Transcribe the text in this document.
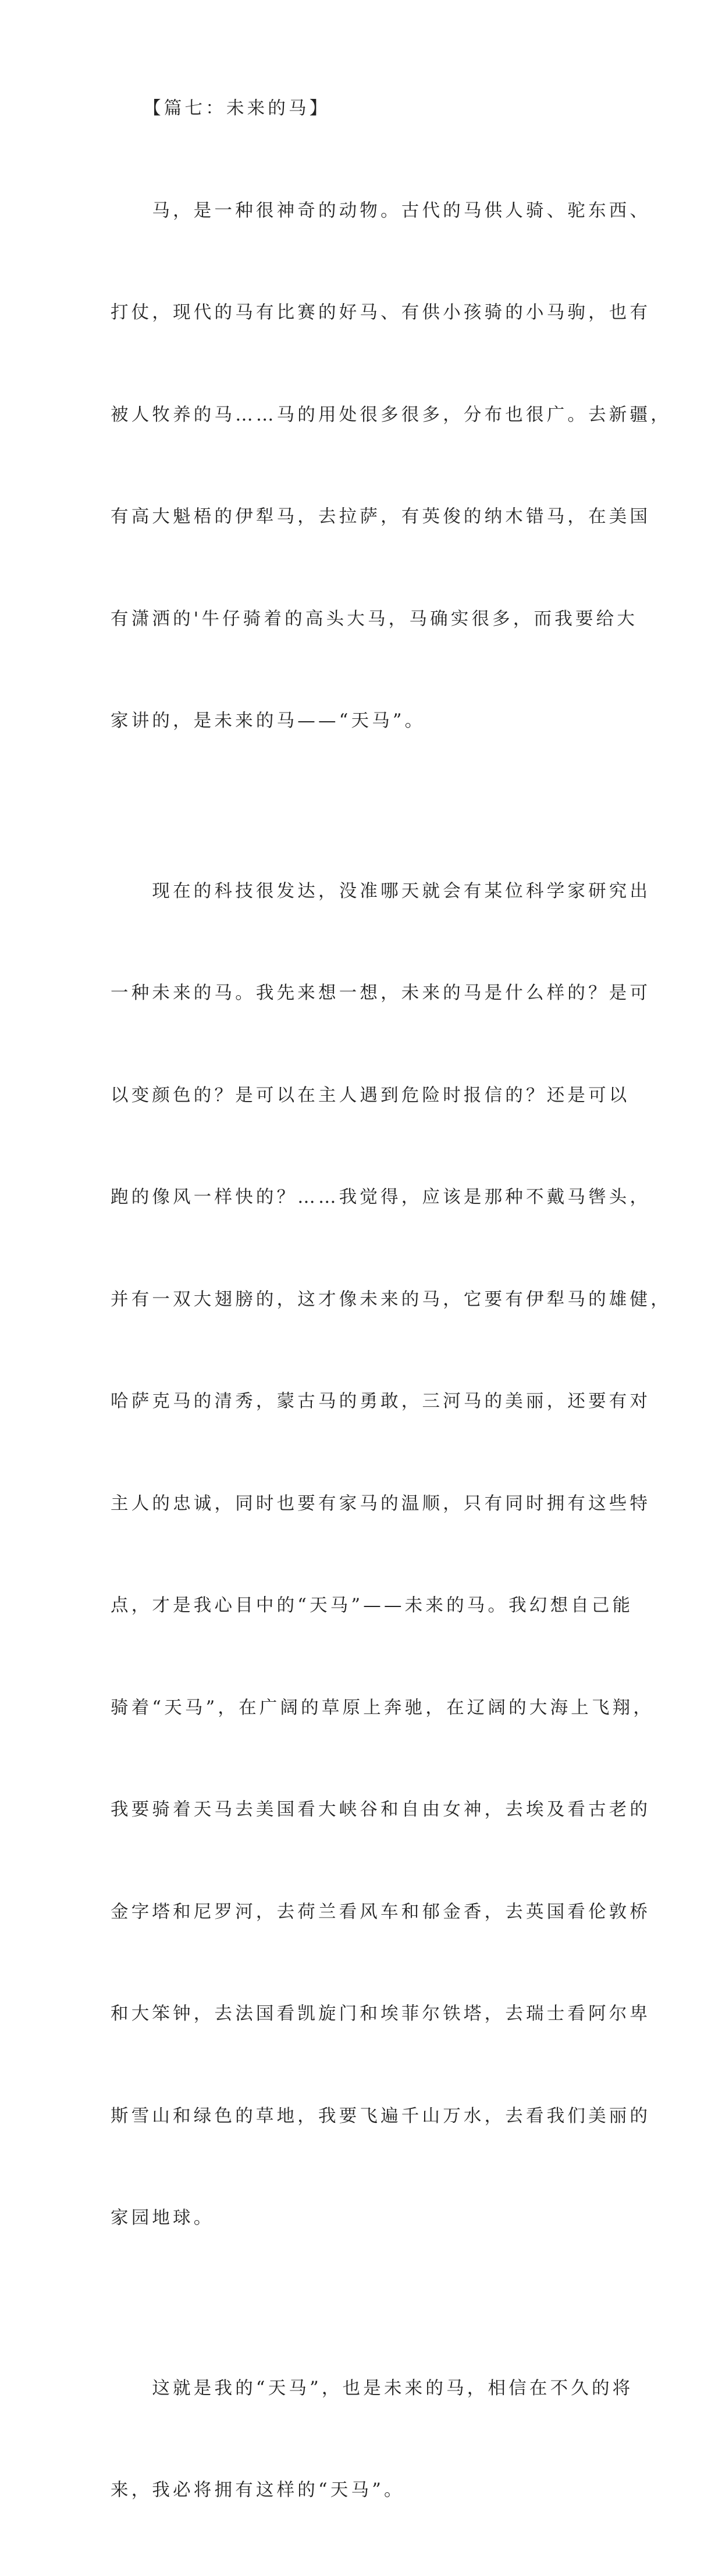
　　【篇七：未来的马】

　　马，是一种很神奇的动物。古代的马供人骑、驼东西、

打仗，现代的马有比赛的好马、有供小孩骑的小马驹，也有

被人牧养的马……马的用处很多很多，分布也很广。去新疆，

有高大魁梧的伊犁马，去拉萨，有英俊的纳木错马，在美国

有潇洒的'牛仔骑着的高头大马，马确实很多，而我要给大

家讲的，是未来的马——“天马”。

　　现在的科技很发达，没准哪天就会有某位科学家研究出

一种未来的马。我先来想一想，未来的马是什么样的？是可

以变颜色的？是可以在主人遇到危险时报信的？还是可以

跑的像风一样快的？……我觉得，应该是那种不戴马辔头，

并有一双大翅膀的，这才像未来的马，它要有伊犁马的雄健，

哈萨克马的清秀，蒙古马的勇敢，三河马的美丽，还要有对

主人的忠诚，同时也要有家马的温顺，只有同时拥有这些特

点，才是我心目中的“天马”——未来的马。我幻想自己能

骑着“天马”，在广阔的草原上奔驰，在辽阔的大海上飞翔，

我要骑着天马去美国看大峡谷和自由女神，去埃及看古老的

金字塔和尼罗河，去荷兰看风车和郁金香，去英国看伦敦桥

和大笨钟，去法国看凯旋门和埃菲尔铁塔，去瑞士看阿尔卑

斯雪山和绿色的草地，我要飞遍千山万水，去看我们美丽的

家园地球。

　　这就是我的“天马”，也是未来的马，相信在不久的将

来，我必将拥有这样的“天马”。
